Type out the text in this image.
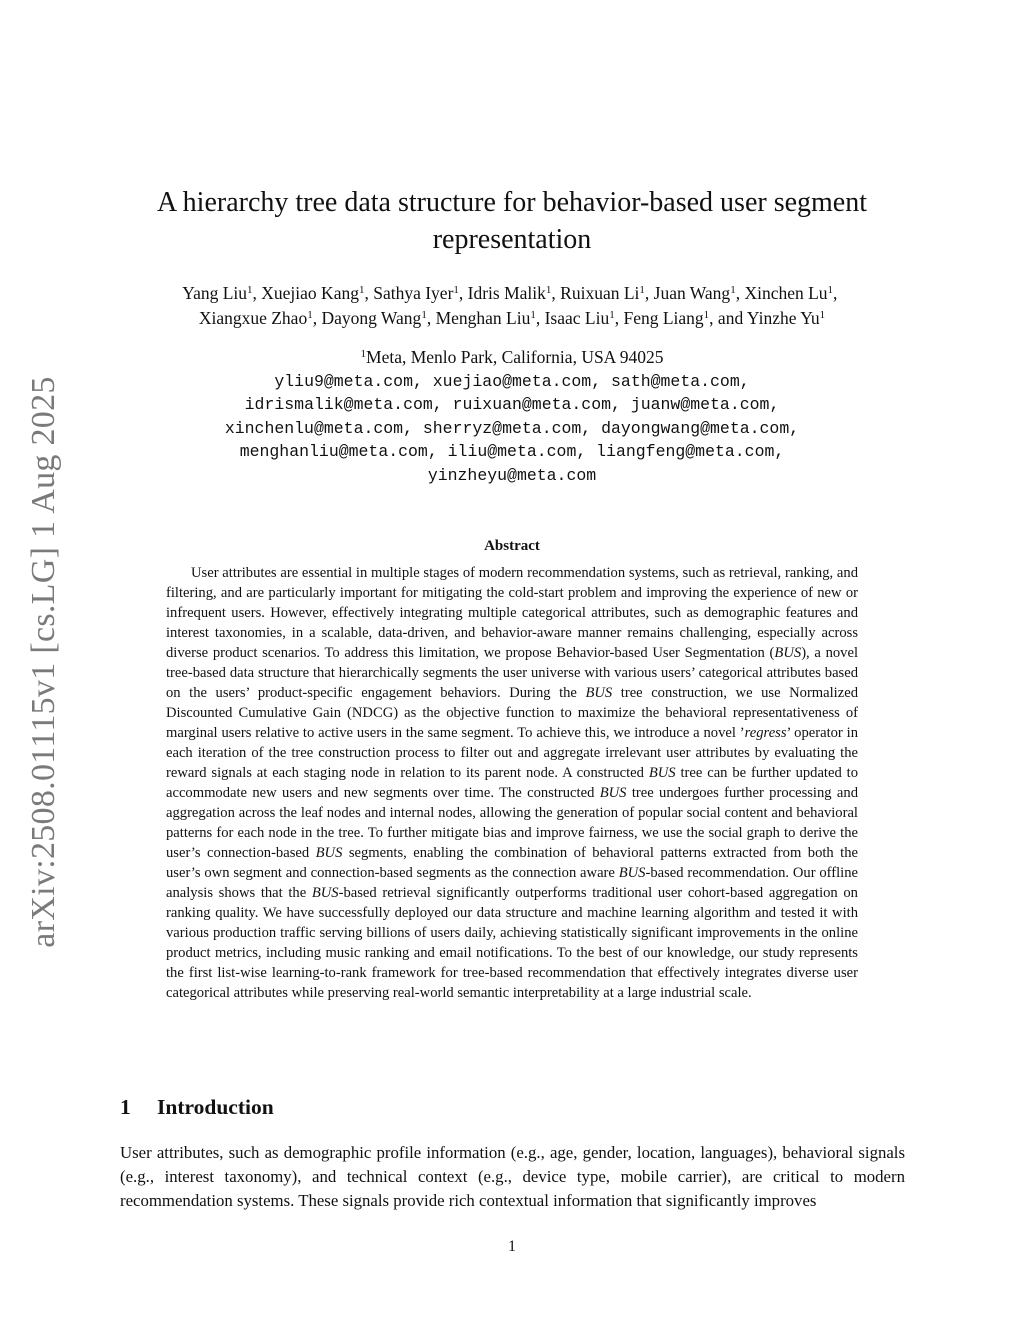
arXiv:2508.01115v1 [cs.LG] 1 Aug 2025
A hierarchy tree data structure for behavior-based user segment representation
Yang Liu$^1$, Xuejiao Kang$^1$, Sathya Iyer$^1$, Idris Malik$^1$, Ruixuan Li$^1$, Juan Wang$^1$, Xinchen Lu$^1$,
Xiangxue Zhao$^1$, Dayong Wang$^1$, Menghan Liu$^1$, Isaac Liu$^1$, Feng Liang$^1$, and Yinzhe Yu$^1$
$^1$Meta, Menlo Park, California, USA 94025
yliu9@meta.com, xuejiao@meta.com, sath@meta.com,
idrismalik@meta.com, ruixuan@meta.com, juanw@meta.com,
xinchenlu@meta.com, sherryz@meta.com, dayongwang@meta.com,
menghanliu@meta.com, iliu@meta.com, liangfeng@meta.com,
yinzheyu@meta.com
Abstract

User attributes are essential in multiple stages of modern recommendation systems, such as retrieval, ranking, and filtering, and are particularly important for mitigating the cold-start problem and improving the experience of new or infrequent users. However, effectively integrating multiple categorical attributes, such as demographic features and interest taxonomies, in a scalable, data-driven, and behavior-aware manner remains challenging, especially across diverse product scenarios. To address this limitation, we propose Behavior-based User Segmentation (BUS), a novel tree-based data structure that hierarchically segments the user universe with various users’ categorical attributes based on the users’ product-specific engagement behaviors. During the BUS tree construction, we use Normalized Discounted Cumulative Gain (NDCG) as the objective function to maximize the behavioral representativeness of marginal users relative to active users in the same segment. To achieve this, we introduce a novel ’regress’ operator in each iteration of the tree construction process to filter out and aggregate irrelevant user attributes by evaluating the reward signals at each staging node in relation to its parent node. A constructed BUS tree can be further updated to accommodate new users and new segments over time. The constructed BUS tree undergoes further processing and aggregation across the leaf nodes and internal nodes, allowing the generation of popular social content and behavioral patterns for each node in the tree. To further mitigate bias and improve fairness, we use the social graph to derive the user’s connection-based BUS segments, enabling the combination of behavioral patterns extracted from both the user’s own segment and connection-based segments as the connection aware BUS-based recommendation. Our offline analysis shows that the BUS-based retrieval significantly outperforms traditional user cohort-based aggregation on ranking quality. We have successfully deployed our data structure and machine learning algorithm and tested it with various production traffic serving billions of users daily, achieving statistically significant improvements in the online product metrics, including music ranking and email notifications. To the best of our knowledge, our study represents the first list-wise learning-to-rank framework for tree-based recommendation that effectively integrates diverse user categorical attributes while preserving real-world semantic interpretability at a large industrial scale.

1 Introduction

User attributes, such as demographic profile information (e.g., age, gender, location, languages), behavioral signals (e.g., interest taxonomy), and technical context (e.g., device type, mobile carrier), are critical to modern recommendation systems. These signals provide rich contextual information that significantly improves

1
